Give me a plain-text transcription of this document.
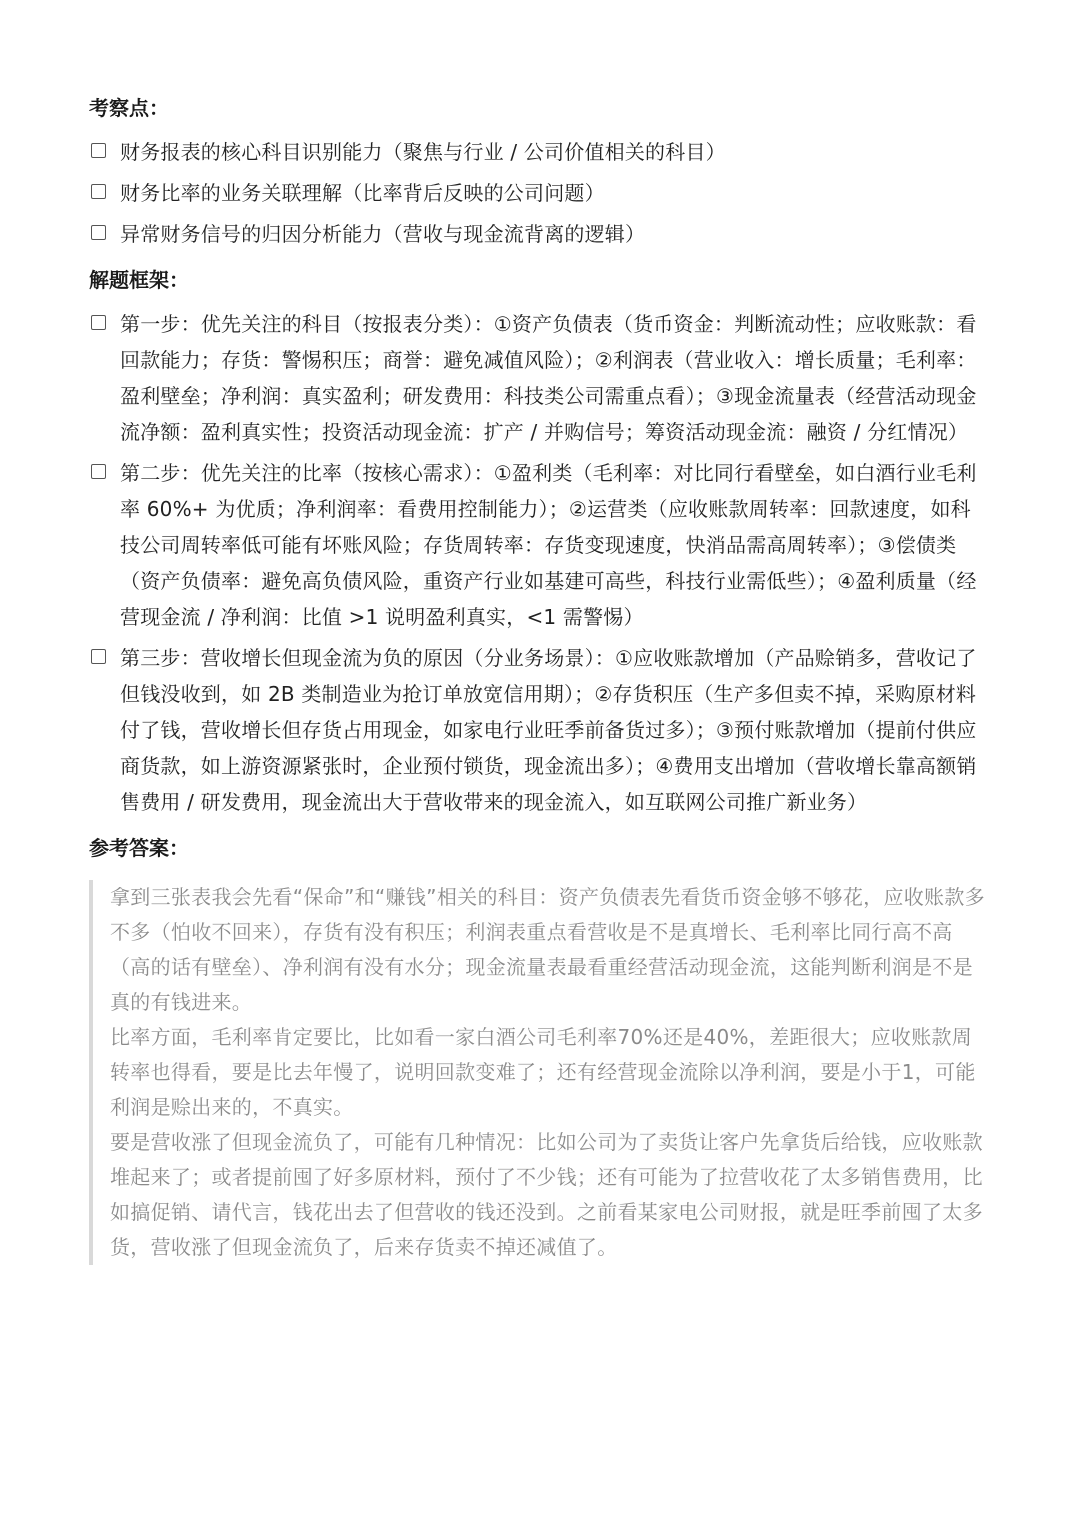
考察点：
财务报表的核心科目识别能力（聚焦与行业 / 公司价值相关的科目）
财务比率的业务关联理解（比率背后反映的公司问题）
异常财务信号的归因分析能力（营收与现金流背离的逻辑）
解题框架：
第一步：优先关注的科目（按报表分类）：①资产负债表（货币资金：判断流动性；应收账款：看回款能力；存货：警惕积压；商誉：避免减值风险）；②利润表（营业收入：增长质量；毛利率：盈利壁垒；净利润：真实盈利；研发费用：科技类公司需重点看）；③现金流量表（经营活动现金流净额：盈利真实性；投资活动现金流：扩产 / 并购信号；筹资活动现金流：融资 / 分红情况）
第二步：优先关注的比率（按核心需求）：①盈利类（毛利率：对比同行看壁垒，如白酒行业毛利率 60%+ 为优质；净利润率：看费用控制能力）；②运营类（应收账款周转率：回款速度，如科技公司周转率低可能有坏账风险；存货周转率：存货变现速度，快消品需高周转率）；③偿债类（资产负债率：避免高负债风险，重资产行业如基建可高些，科技行业需低些）；④盈利质量（经营现金流 / 净利润：比值 >1 说明盈利真实，<1 需警惕）
第三步：营收增长但现金流为负的原因（分业务场景）：①应收账款增加（产品赊销多，营收记了但钱没收到，如 2B 类制造业为抢订单放宽信用期）；②存货积压（生产多但卖不掉，采购原材料付了钱，营收增长但存货占用现金，如家电行业旺季前备货过多）；③预付账款增加（提前付供应商货款，如上游资源紧张时，企业预付锁货，现金流出多）；④费用支出增加（营收增长靠高额销售费用 / 研发费用，现金流出大于营收带来的现金流入，如互联网公司推广新业务）
参考答案：

拿到三张表我会先看“保命”和“赚钱”相关的科目：资产负债表先看货币资金够不够花，应收账款多不多（怕收不回来），存货有没有积压；利润表重点看营收是不是真增长、毛利率比同行高不高（高的话有壁垒）、净利润有没有水分；现金流量表最看重经营活动现金流，这能判断利润是不是真的有钱进来。

比率方面，毛利率肯定要比，比如看一家白酒公司毛利率70%还是40%，差距很大；应收账款周转率也得看，要是比去年慢了，说明回款变难了；还有经营现金流除以净利润，要是小于1，可能利润是赊出来的，不真实。

要是营收涨了但现金流负了，可能有几种情况：比如公司为了卖货让客户先拿货后给钱，应收账款堆起来了；或者提前囤了好多原材料，预付了不少钱；还有可能为了拉营收花了太多销售费用，比如搞促销、请代言，钱花出去了但营收的钱还没到。之前看某家电公司财报，就是旺季前囤了太多货，营收涨了但现金流负了，后来存货卖不掉还减值了。
